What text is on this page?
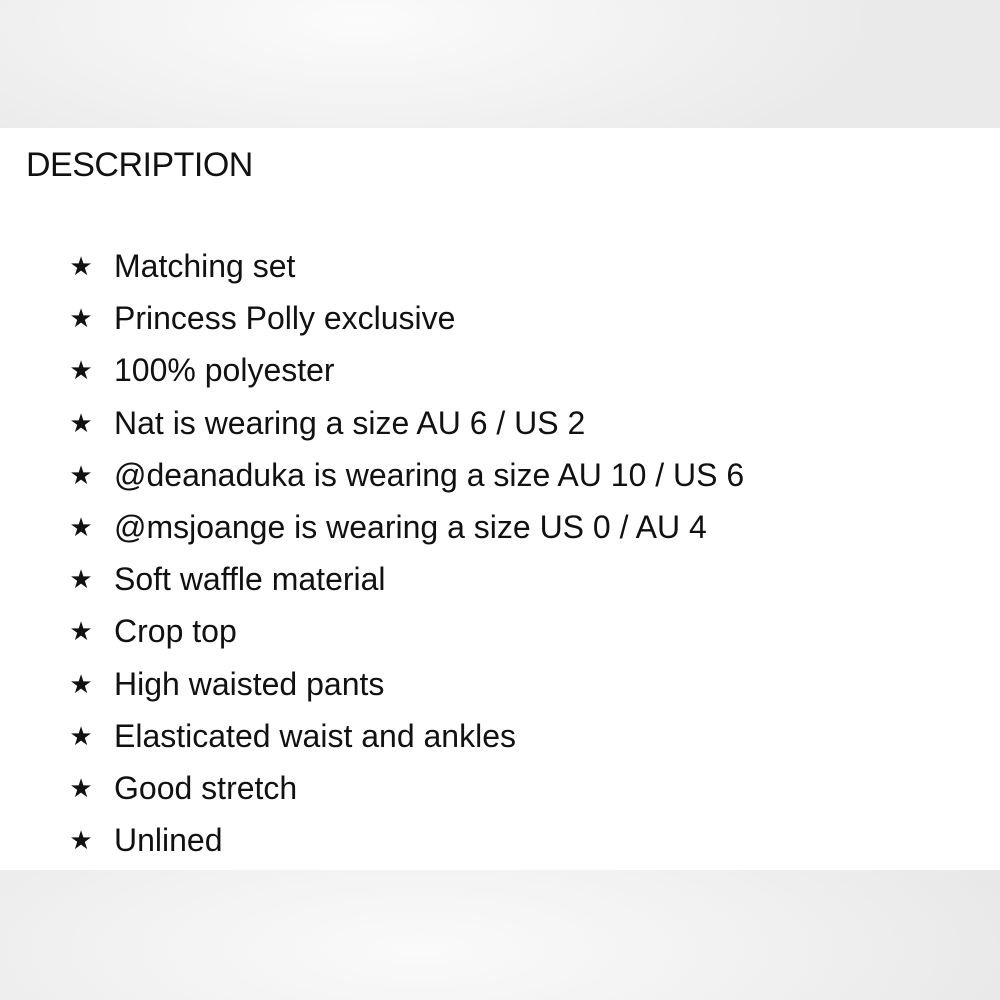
DESCRIPTION
★ Matching set
★ Princess Polly exclusive
★ 100% polyester
★ Nat is wearing a size AU 6 / US 2
★ @deanaduka is wearing a size AU 10 / US 6
★ @msjoange is wearing a size US 0 / AU 4
★ Soft waffle material
★ Crop top
★ High waisted pants
★ Elasticated waist and ankles
★ Good stretch
★ Unlined
